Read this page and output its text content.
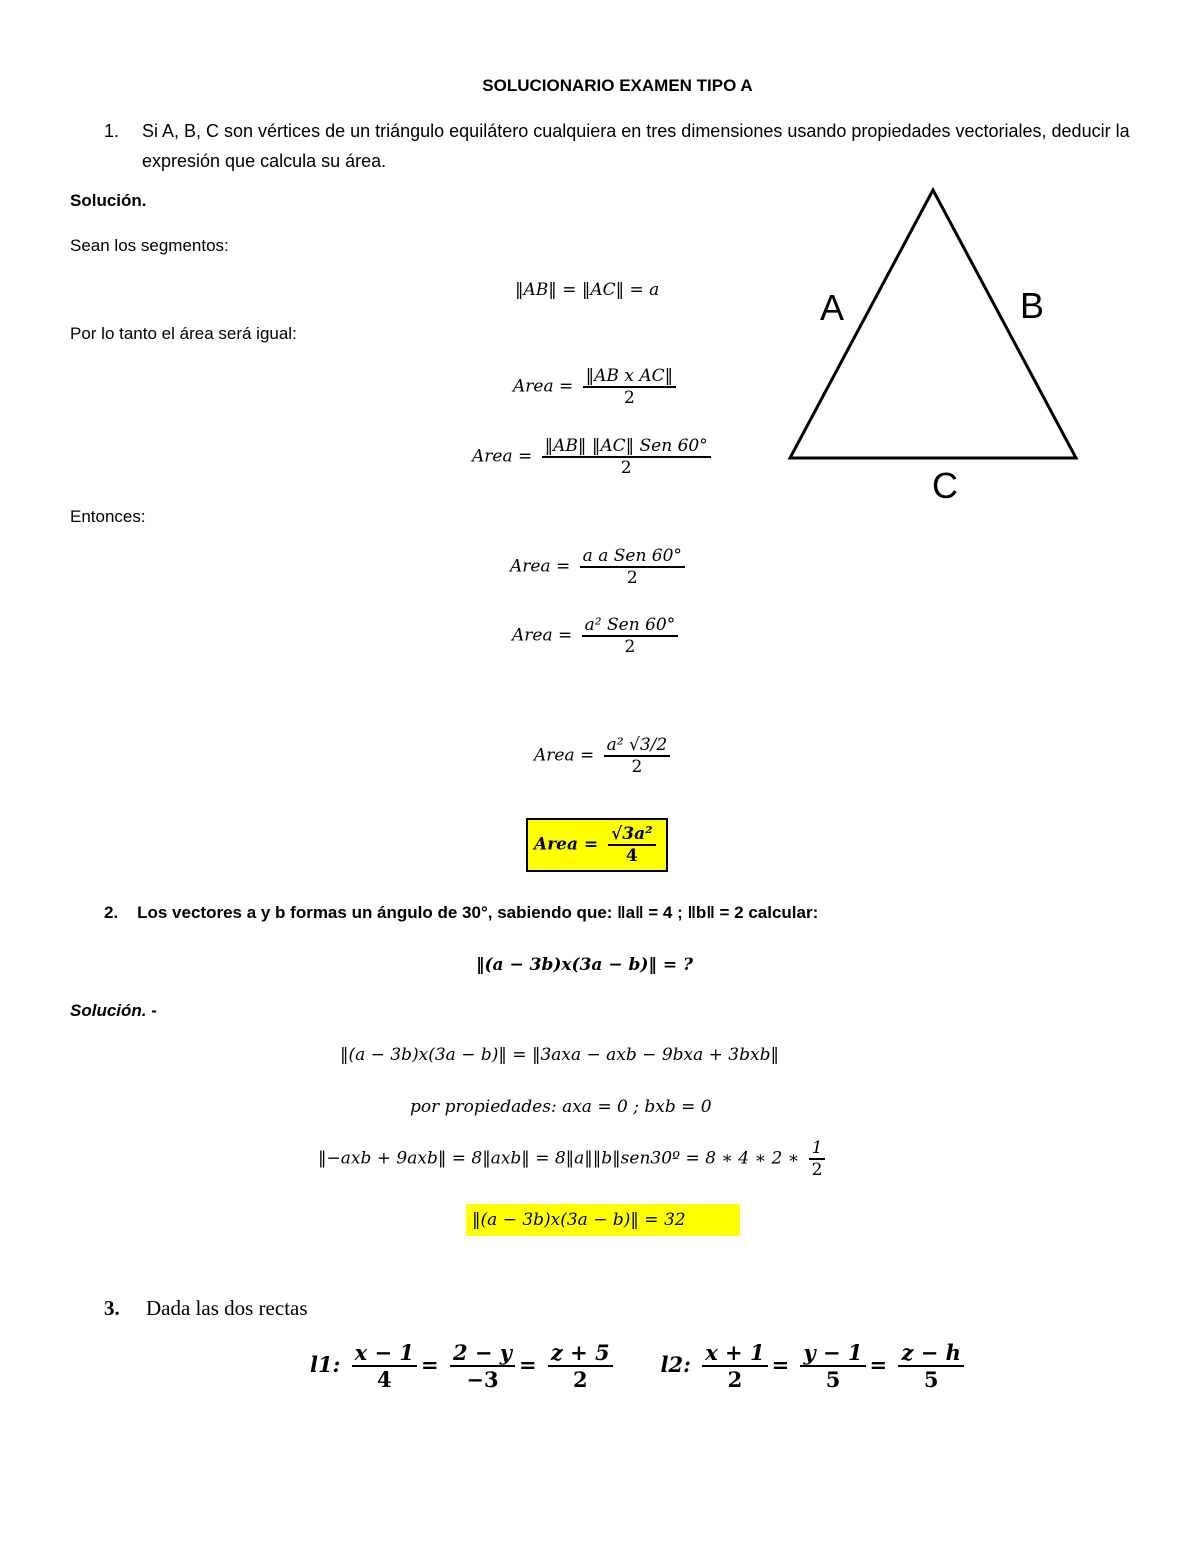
SOLUCIONARIO EXAMEN TIPO A
1. Si A, B, C son vértices de un triángulo equilátero cualquiera en tres dimensiones usando propiedades vectoriales, deducir la expresión que calcula su área.
Solución.
Sean los segmentos:
‖AB‖ = ‖AC‖ = a
Por lo tanto el área será igual:
Area = $\frac{\text{‖AB x AC‖}}{2}$
Area = $\frac{\text{‖AB‖ ‖AC‖ Sen 60°}}{2}$
Entonces:
Area = $\frac{\text{a a Sen 60°}}{2}$
Area = $\frac{\text{a² Sen 60°}}{2}$
Area = $\frac{\text{a² √3/2}}{2}$
Area = $\frac{\text{√3a²}}{4}$
A	B
C
2. Los vectores a y b formas un ángulo de 30°, sabiendo que: ‖a‖ = 4 ; ‖b‖ = 2 calcular:
‖(a − 3b)x(3a − b)‖ = ?
Solución. -
‖(a − 3b)x(3a − b)‖ = ‖3axa − axb − 9bxa + 3bxb‖
por propiedades: axa = 0 ; bxb = 0
‖−axb + 9axb‖ = 8‖axb‖ = 8‖a‖‖b‖sen30º = 8 ∗ 4 ∗ 2 ∗ $\frac{1}{2}$
‖(a − 3b)x(3a − b)‖ = 32
3. Dada las dos rectas
l1: $\frac{x - 1}{4} = \frac{2 - y}{-3} = \frac{z + 5}{2} l2$: $\frac{x + 1}{2} = \frac{y - 1}{5} = \frac{z - h}{5}$
